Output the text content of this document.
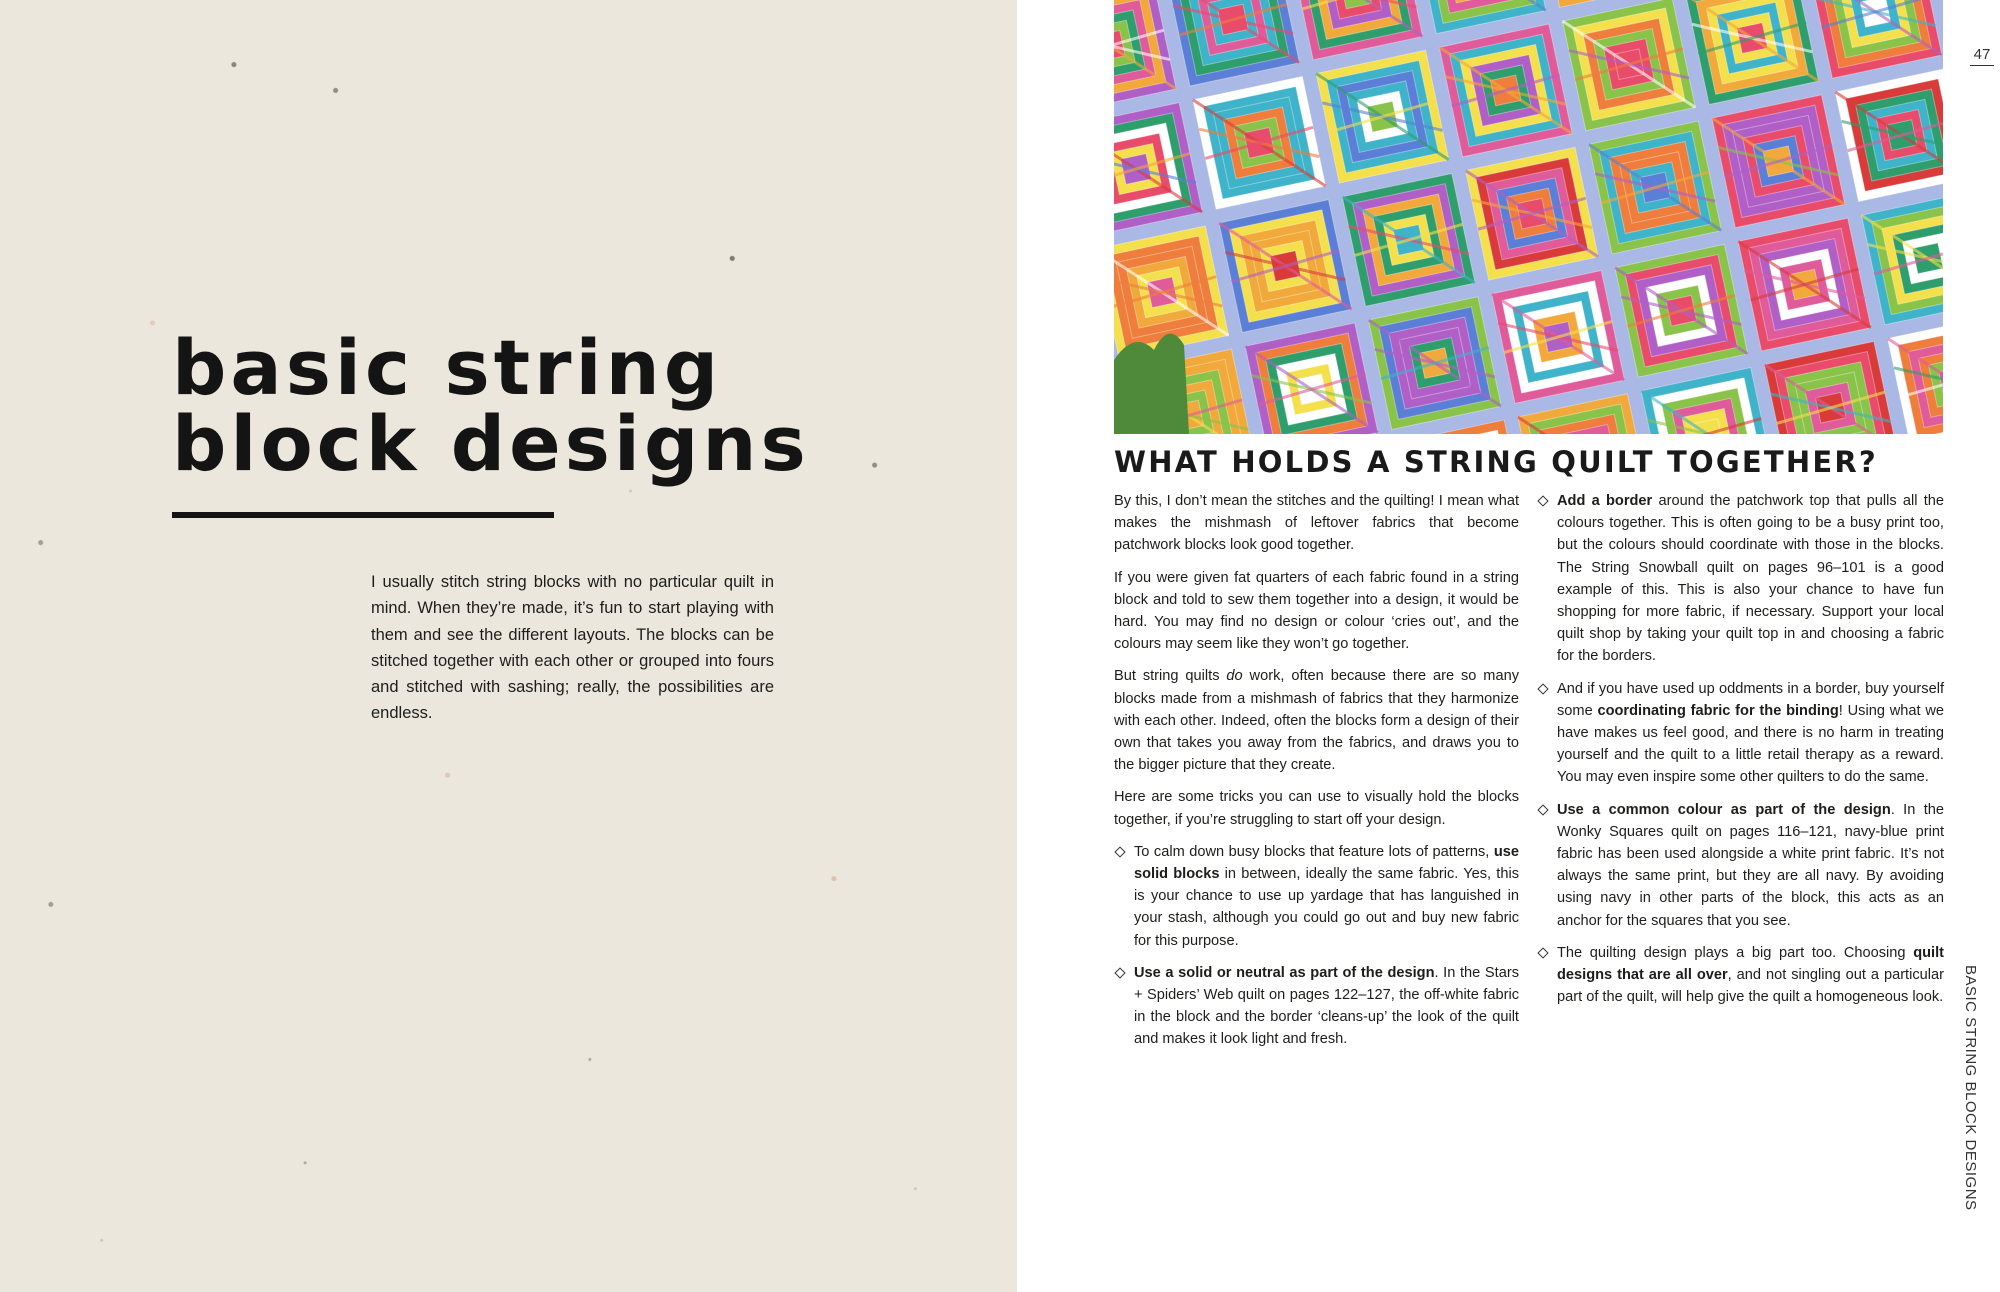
basic string
block designs

I usually stitch string blocks with no particular quilt in mind. When they’re made, it’s fun to start playing with them and see the different layouts. The blocks can be stitched together with each other or grouped into fours and stitched with sashing; really, the possibilities are endless.

47
BASIC STRING BLOCK DESIGNS
WHAT HOLDS A STRING QUILT TOGETHER?

By this, I don’t mean the stitches and the quilting! I mean what makes the mishmash of leftover fabrics that become patchwork blocks look good together.

If you were given fat quarters of each fabric found in a string block and told to sew them together into a design, it would be hard. You may find no design or colour ‘cries out’, and the colours may seem like they won’t go together.

But string quilts do work, often because there are so many blocks made from a mishmash of fabrics that they harmonize with each other. Indeed, often the blocks form a design of their own that takes you away from the fabrics, and draws you to the bigger picture that they create.

Here are some tricks you can use to visually hold the blocks together, if you’re struggling to start off your design.

To calm down busy blocks that feature lots of patterns, use solid blocks in between, ideally the same fabric. Yes, this is your chance to use up yardage that has languished in your stash, although you could go out and buy new fabric for this purpose.
Use a solid or neutral as part of the design. In the Stars + Spiders’ Web quilt on pages 122–127, the off-white fabric in the block and the border ‘cleans-up’ the look of the quilt and makes it look light and fresh.
Add a border around the patchwork top that pulls all the colours together. This is often going to be a busy print too, but the colours should coordinate with those in the blocks. The String Snowball quilt on pages 96–101 is a good example of this. This is also your chance to have fun shopping for more fabric, if necessary. Support your local quilt shop by taking your quilt top in and choosing a fabric for the borders.
And if you have used up oddments in a border, buy yourself some coordinating fabric for the binding! Using what we have makes us feel good, and there is no harm in treating yourself and the quilt to a little retail therapy as a reward. You may even inspire some other quilters to do the same.
Use a common colour as part of the design. In the Wonky Squares quilt on pages 116–121, navy-blue print fabric has been used alongside a white print fabric. It’s not always the same print, but they are all navy. By avoiding using navy in other parts of the block, this acts as an anchor for the squares that you see.
The quilting design plays a big part too. Choosing quilt designs that are all over, and not singling out a particular part of the quilt, will help give the quilt a homogeneous look.
